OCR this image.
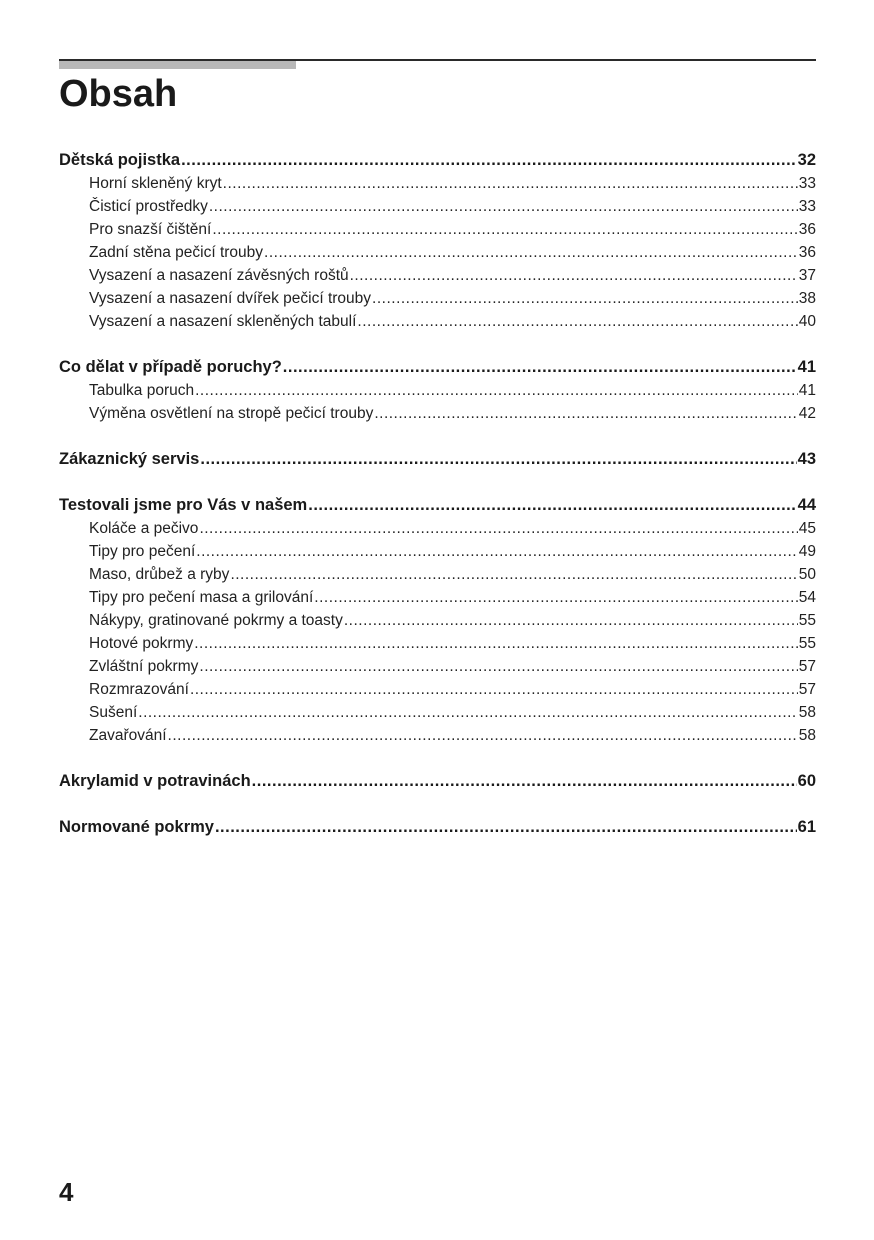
Obsah
Dětská pojistka .....	32
Horní skleněný kryt .....	33
Čisticí prostředky .....	33
Pro snazší čištění .....	36
Zadní stěna pečicí trouby .....	36
Vysazení a nasazení závěsných roštů .....	37
Vysazení a nasazení dvířek pečicí trouby .....	38
Vysazení a nasazení skleněných tabulí .....	40
Co dělat v případě poruchy? .....	41
Tabulka poruch .....	41
Výměna osvětlení na stropě pečicí trouby .....	42
Zákaznický servis .....	43
Testovali jsme pro Vás v našem .....	44
Koláče a pečivo .....	45
Tipy pro pečení .....	49
Maso, drůbež a ryby .....	50
Tipy pro pečení masa a grilování .....	54
Nákypy, gratinované pokrmy a toasty .....	55
Hotové pokrmy .....	55
Zvláštní pokrmy .....	57
Rozmrazování .....	57
Sušení .....	58
Zavařování .....	58
Akrylamid v potravinách .....	60
Normované pokrmy .....	61
4
